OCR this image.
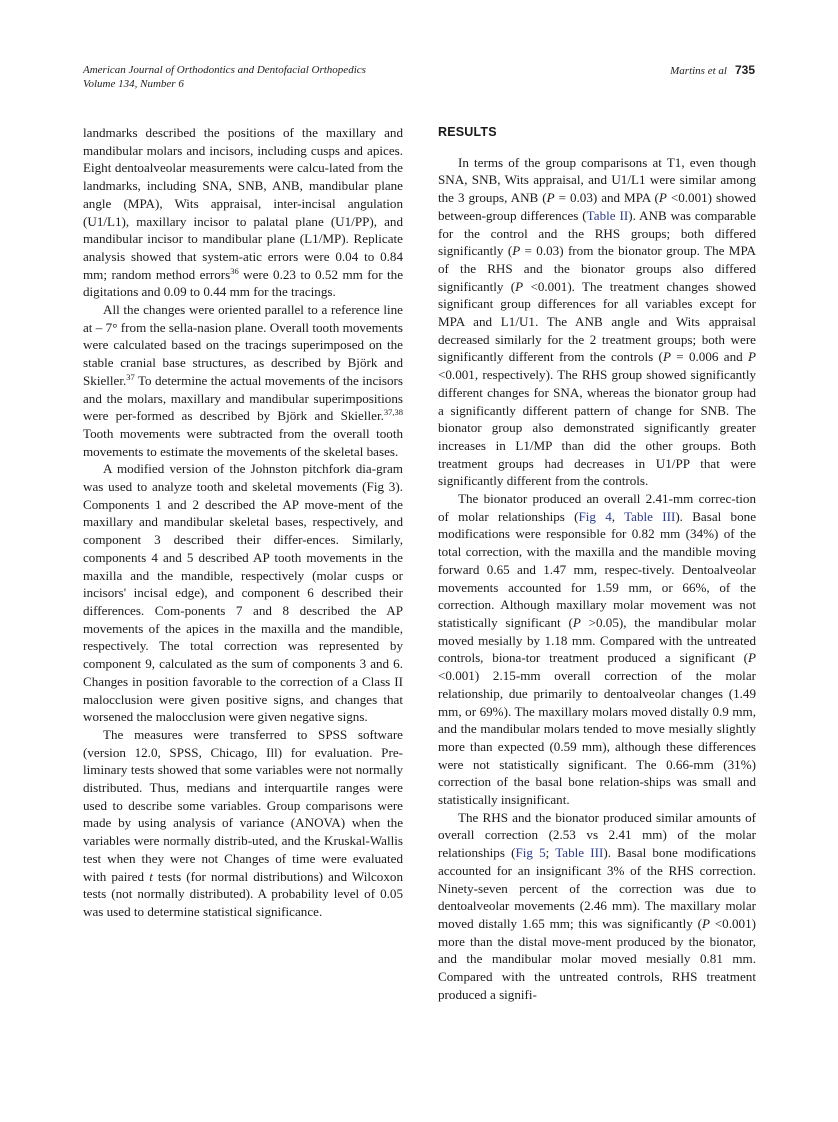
American Journal of Orthodontics and Dentofacial Orthopedics
Volume 134, Number 6
Martins et al 735

landmarks described the positions of the maxillary and mandibular molars and incisors, including cusps and apices. Eight dentoalveolar measurements were calcu-lated from the landmarks, including SNA, SNB, ANB, mandibular plane angle (MPA), Wits appraisal, inter-incisal angulation (U1/L1), maxillary incisor to palatal plane (U1/PP), and mandibular incisor to mandibular plane (L1/MP). Replicate analysis showed that system-atic errors were 0.04 to 0.84 mm; random method errors$^{36}$ were 0.23 to 0.52 mm for the digitations and 0.09 to 0.44 mm for the tracings.

All the changes were oriented parallel to a reference line at – 7° from the sella-nasion plane. Overall tooth movements were calculated based on the tracings superimposed on the stable cranial base structures, as described by Björk and Skieller.$^{37}$ To determine the actual movements of the incisors and the molars, maxillary and mandibular superimpositions were per-formed as described by Björk and Skieller.$^{37,38}$ Tooth movements were subtracted from the overall tooth movements to estimate the movements of the skeletal bases.

A modified version of the Johnston pitchfork dia-gram was used to analyze tooth and skeletal movements (Fig 3). Components 1 and 2 described the AP move-ment of the maxillary and mandibular skeletal bases, respectively, and component 3 described their differ-ences. Similarly, components 4 and 5 described AP tooth movements in the maxilla and the mandible, respectively (molar cusps or incisors' incisal edge), and component 6 described their differences. Com-ponents 7 and 8 described the AP movements of the apices in the maxilla and the mandible, respectively. The total correction was represented by component 9, calculated as the sum of components 3 and 6. Changes in position favorable to the correction of a Class II malocclusion were given positive signs, and changes that worsened the malocclusion were given negative signs.

The measures were transferred to SPSS software (version 12.0, SPSS, Chicago, Ill) for evaluation. Pre-liminary tests showed that some variables were not normally distributed. Thus, medians and interquartile ranges were used to describe some variables. Group comparisons were made by using analysis of variance (ANOVA) when the variables were normally distrib-uted, and the Kruskal-Wallis test when they were not Changes of time were evaluated with paired t tests (for normal distributions) and Wilcoxon tests (not normally distributed). A probability level of 0.05 was used to determine statistical significance.

RESULTS

In terms of the group comparisons at T1, even though SNA, SNB, Wits appraisal, and U1/L1 were similar among the 3 groups, ANB (P = 0.03) and MPA (P <0.001) showed between-group differences (Table II). ANB was comparable for the control and the RHS groups; both differed significantly (P = 0.03) from the bionator group. The MPA of the RHS and the bionator groups also differed significantly (P <0.001). The treatment changes showed significant group differences for all variables except for MPA and L1/U1. The ANB angle and Wits appraisal decreased similarly for the 2 treatment groups; both were significantly different from the controls (P = 0.006 and P <0.001, respectively). The RHS group showed significantly different changes for SNA, whereas the bionator group had a significantly different pattern of change for SNB. The bionator group also demonstrated significantly greater increases in L1/MP than did the other groups. Both treatment groups had decreases in U1/PP that were significantly different from the controls.

The bionator produced an overall 2.41-mm correc-tion of molar relationships (Fig 4, Table III). Basal bone modifications were responsible for 0.82 mm (34%) of the total correction, with the maxilla and the mandible moving forward 0.65 and 1.47 mm, respec-tively. Dentoalveolar movements accounted for 1.59 mm, or 66%, of the correction. Although maxillary molar movement was not statistically significant (P >0.05), the mandibular molar moved mesially by 1.18 mm. Compared with the untreated controls, biona-tor treatment produced a significant (P <0.001) 2.15-mm overall correction of the molar relationship, due primarily to dentoalveolar changes (1.49 mm, or 69%). The maxillary molars moved distally 0.9 mm, and the mandibular molars tended to move mesially slightly more than expected (0.59 mm), although these differences were not statistically significant. The 0.66-mm (31%) correction of the basal bone relation-ships was small and statistically insignificant.

The RHS and the bionator produced similar amounts of overall correction (2.53 vs 2.41 mm) of the molar relationships (Fig 5; Table III). Basal bone modifications accounted for an insignificant 3% of the RHS correction. Ninety-seven percent of the correction was due to dentoalveolar movements (2.46 mm). The maxillary molar moved distally 1.65 mm; this was significantly (P <0.001) more than the distal move-ment produced by the bionator, and the mandibular molar moved mesially 0.81 mm. Compared with the untreated controls, RHS treatment produced a signifi-
